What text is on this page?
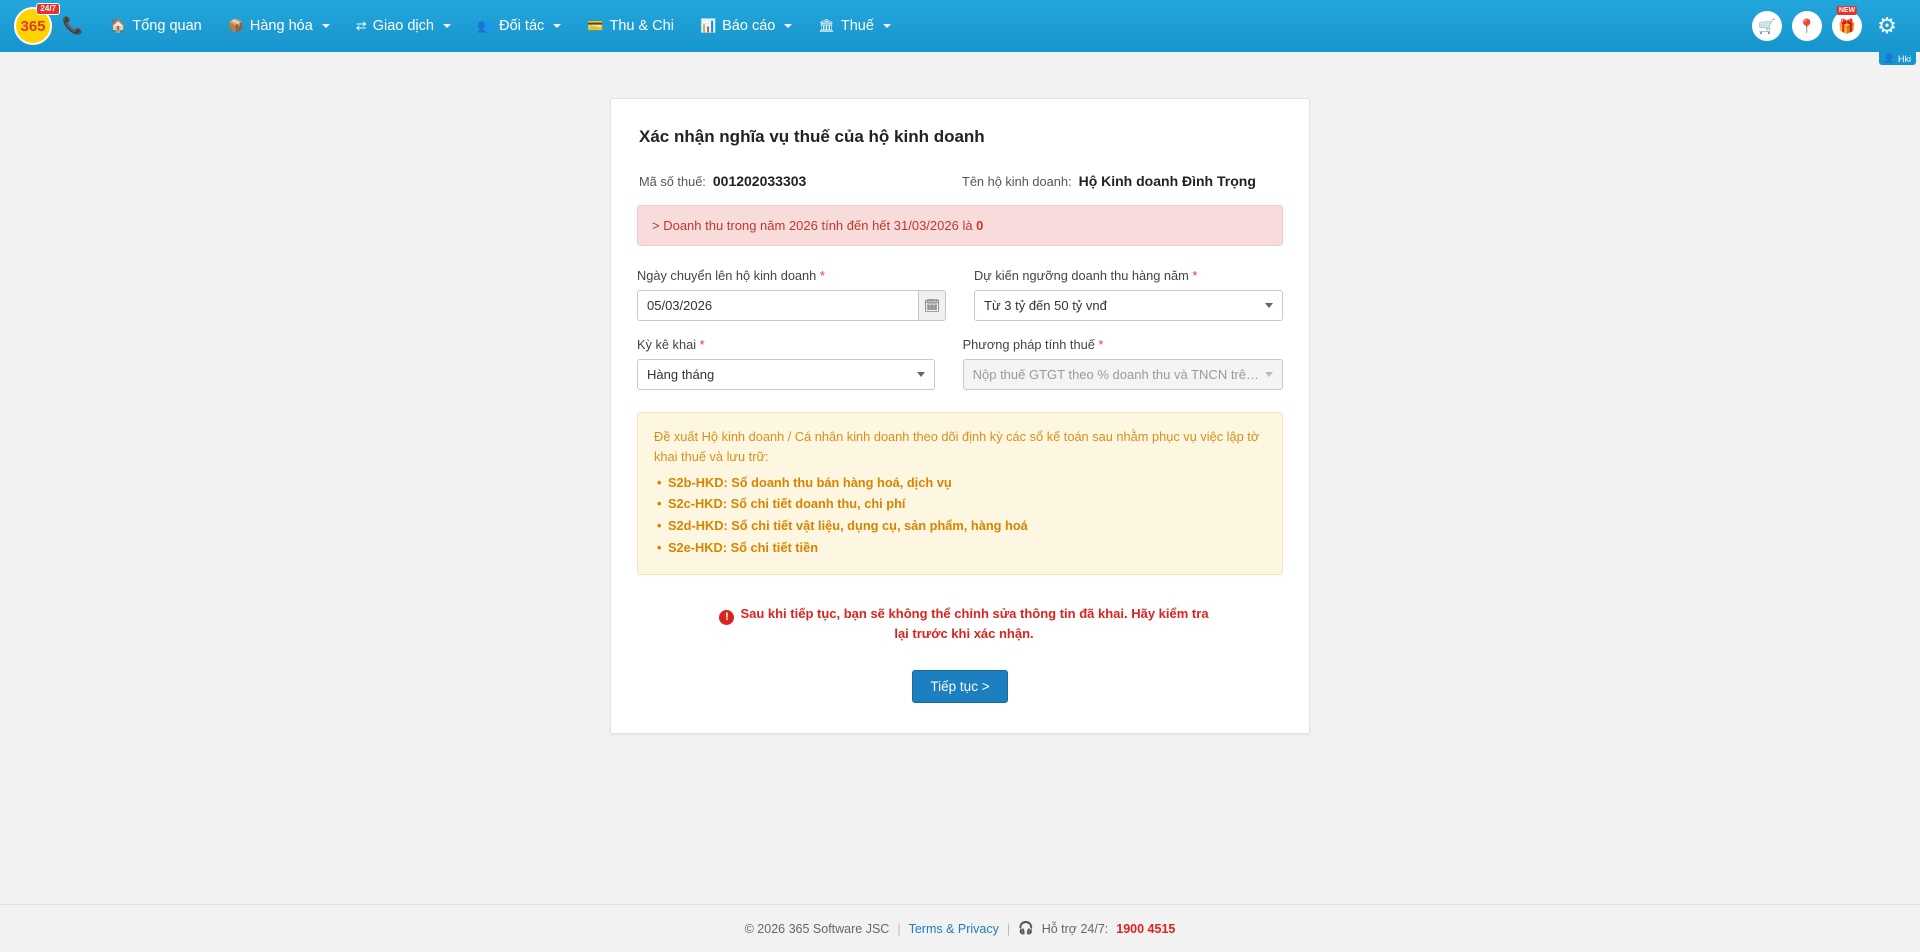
365
24/7
📞 🏠 Tổng quan 📦 Hàng hóa	⇄ Giao dịch	👥 Đối tác	💳 Thu & Chi 📊 Báo cáo	🏛 Thuế	🛒 📍
NEW
🎁 ⚙
👤 Hki
Xác nhận nghĩa vụ thuế của hộ kinh doanh
Mã số thuế: 001202033303	Tên hộ kinh doanh: Hộ Kinh doanh Đình Trọng
> Doanh thu trong năm 2026 tính đến hết 31/03/2026 là 0
Ngày chuyển lên hộ kinh doanh *
05/03/2026
🗓
Dự kiến ngưỡng doanh thu hàng năm *
Từ 3 tỷ đến 50 tỷ vnđ
Kỳ kê khai *
Hàng tháng
Phương pháp tính thuế *
Nộp thuế GTGT theo % doanh thu và TNCN trê…
Đề xuất Hộ kinh doanh / Cá nhân kinh doanh theo dõi định kỳ các sổ kế toán sau nhằm phục vụ việc lập tờ khai thuế và lưu trữ:
• S2b-HKD: Sổ doanh thu bán hàng hoá, dịch vụ
• S2c-HKD: Sổ chi tiết doanh thu, chi phí
• S2d-HKD: Sổ chi tiết vật liệu, dụng cụ, sản phẩm, hàng hoá
• S2e-HKD: Sổ chi tiết tiền
! Sau khi tiếp tục, bạn sẽ không thể chỉnh sửa thông tin đã khai. Hãy kiểm tra lại trước khi xác nhận.
Tiếp tục >
© 2026 365 Software JSC | Terms & Privacy | 🎧 Hỗ trợ 24/7: 1900 4515
